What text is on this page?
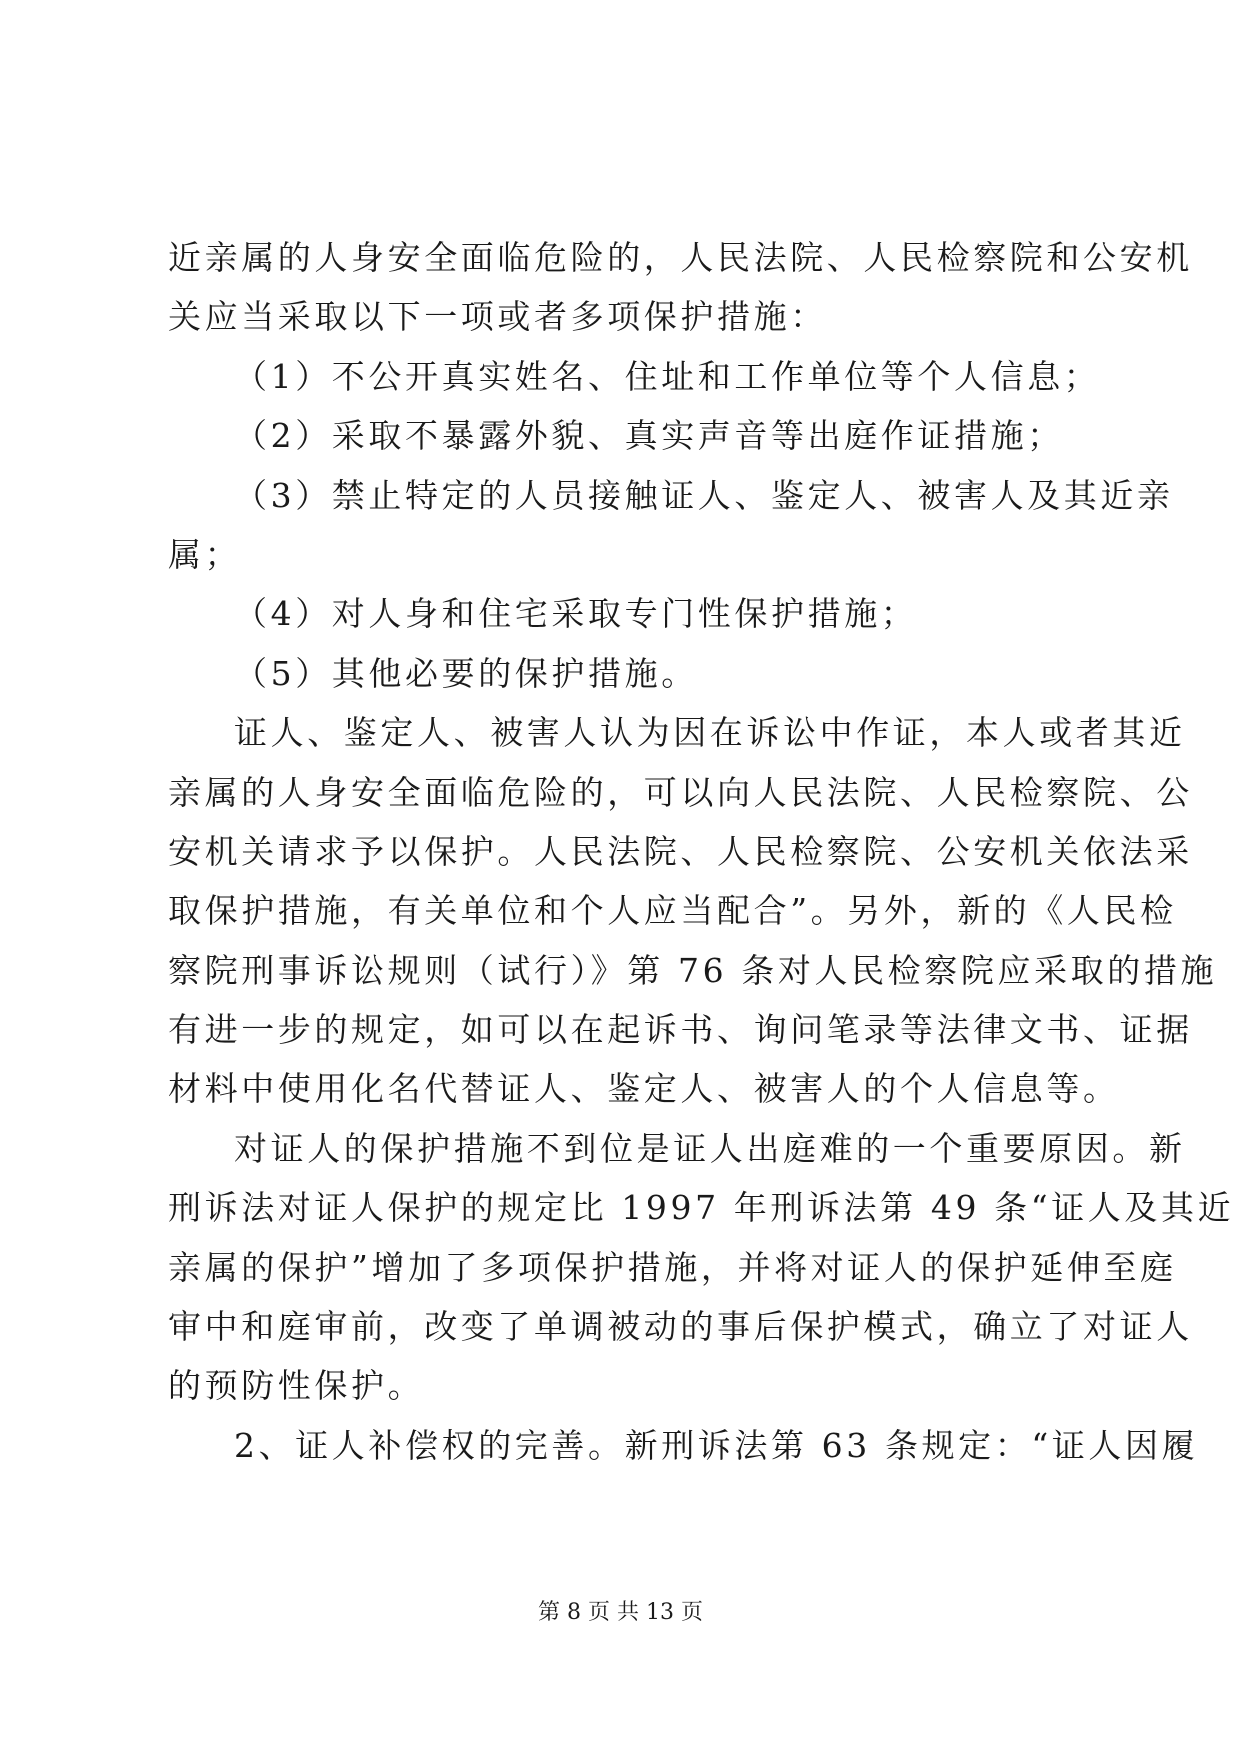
近亲属的人身安全面临危险的，人民法院、人民检察院和公安机
关应当采取以下一项或者多项保护措施：
（1）不公开真实姓名、住址和工作单位等个人信息；
（2）采取不暴露外貌、真实声音等出庭作证措施；
（3）禁止特定的人员接触证人、鉴定人、被害人及其近亲
属；
（4）对人身和住宅采取专门性保护措施；
（5）其他必要的保护措施。
证人、鉴定人、被害人认为因在诉讼中作证，本人或者其近
亲属的人身安全面临危险的，可以向人民法院、人民检察院、公
安机关请求予以保护。人民法院、人民检察院、公安机关依法采
取保护措施，有关单位和个人应当配合”。另外，新的《人民检
察院刑事诉讼规则（试行）》第 76 条对人民检察院应采取的措施
有进一步的规定，如可以在起诉书、询问笔录等法律文书、证据
材料中使用化名代替证人、鉴定人、被害人的个人信息等。
对证人的保护措施不到位是证人出庭难的一个重要原因。新
刑诉法对证人保护的规定比 1997 年刑诉法第 49 条“证人及其近
亲属的保护”增加了多项保护措施，并将对证人的保护延伸至庭
审中和庭审前，改变了单调被动的事后保护模式，确立了对证人
的预防性保护。
2、证人补偿权的完善。新刑诉法第 63 条规定：“证人因履
第 8 页 共 13 页
